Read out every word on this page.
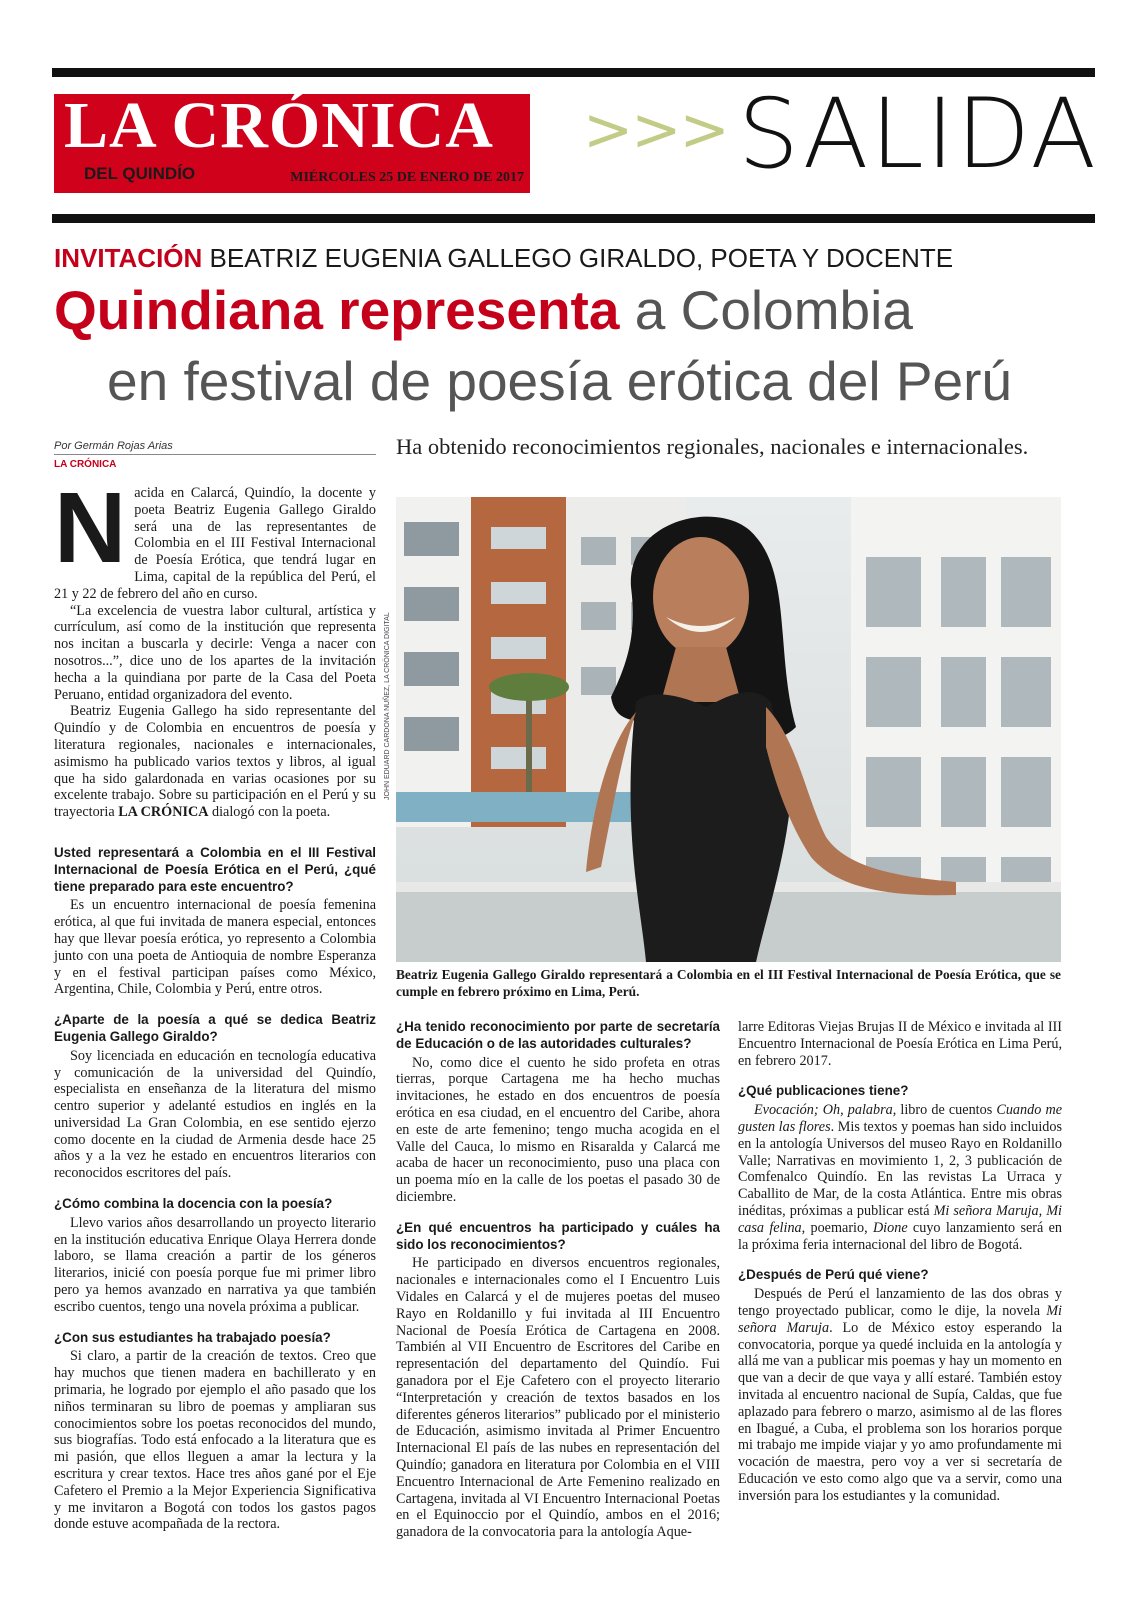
LA CRÓNICA
DEL QUINDÍO	MIÉRCOLES 25 DE ENERO DE 2017
>>> SALIDA
INVITACIÓN BEATRIZ EUGENIA GALLEGO GIRALDO, POETA Y DOCENTE
Quindiana representa a Colombia
en festival de poesía erótica del Perú
Por Germán Rojas Arias
LA CRÓNICA
Ha obtenido reconocimientos regionales, nacionales e internacionales.
JOHN EDUARD CARDONA NUÑEZ, LA CRÓNICA DIGITAL
Beatriz Eugenia Gallego Giraldo representará a Colombia en el III Festival Internacional de Poesía Erótica, que se cumple en febrero próximo en Lima, Perú.
N acida en Calarcá, Quindío, la docente y poeta Beatriz Eugenia Gallego Giraldo será una de las representantes de Colombia en el III Festival Internacional de Poesía Erótica, que tendrá lugar en Lima, capital de la república del Perú, el 21 y 22 de febrero del año en curso.

“La excelencia de vuestra labor cultural, artística y currículum, así como de la institución que representa nos incitan a buscarla y decirle: Venga a nacer con nosotros...”, dice uno de los apartes de la invitación hecha a la quindiana por parte de la Casa del Poeta Peruano, entidad organizadora del evento.

Beatriz Eugenia Gallego ha sido representante del Quindío y de Colombia en encuentros de poesía y literatura regionales, nacionales e internacionales, asimismo ha publicado varios textos y libros, al igual que ha sido galardonada en varias ocasiones por su excelente trabajo. Sobre su participación en el Perú y su trayectoria LA CRÓNICA dialogó con la poeta.

Usted representará a Colombia en el III Festival Internacional de Poesía Erótica en el Perú, ¿qué tiene preparado para este encuentro?

Es un encuentro internacional de poesía femenina erótica, al que fui invitada de manera especial, entonces hay que llevar poesía erótica, yo represento a Colombia junto con una poeta de Antioquia de nombre Esperanza y en el festival participan países como México, Argentina, Chile, Colombia y Perú, entre otros.

¿Aparte de la poesía a qué se dedica Beatriz Eugenia Gallego Giraldo?

Soy licenciada en educación en tecnología educativa y comunicación de la universidad del Quindío, especialista en enseñanza de la literatura del mismo centro superior y adelanté estudios en inglés en la universidad La Gran Colombia, en ese sentido ejerzo como docente en la ciudad de Armenia desde hace 25 años y a la vez he estado en encuentros literarios con reconocidos escritores del país.

¿Cómo combina la docencia con la poesía?

Llevo varios años desarrollando un proyecto literario en la institución educativa Enrique Olaya Herrera donde laboro, se llama creación a partir de los géneros literarios, inicié con poesía porque fue mi primer libro pero ya hemos avanzado en narrativa ya que también escribo cuentos, tengo una novela próxima a publicar.

¿Con sus estudiantes ha trabajado poesía?

Si claro, a partir de la creación de textos. Creo que hay muchos que tienen madera en bachillerato y en primaria, he logrado por ejemplo el año pasado que los niños terminaran su libro de poemas y ampliaran sus conocimientos sobre los poetas reconocidos del mundo, sus biografías. Todo está enfocado a la literatura que es mi pasión, que ellos lleguen a amar la lectura y la escritura y crear textos. Hace tres años gané por el Eje Cafetero el Premio a la Mejor Experiencia Significativa y me invitaron a Bogotá con todos los gastos pagos donde estuve acompañada de la rectora.

¿Ha tenido reconocimiento por parte de secretaría de Educación o de las autoridades culturales?

No, como dice el cuento he sido profeta en otras tierras, porque Cartagena me ha hecho muchas invitaciones, he estado en dos encuentros de poesía erótica en esa ciudad, en el encuentro del Caribe, ahora en este de arte femenino; tengo mucha acogida en el Valle del Cauca, lo mismo en Risaralda y Calarcá me acaba de hacer un reconocimiento, puso una placa con un poema mío en la calle de los poetas el pasado 30 de diciembre.

¿En qué encuentros ha participado y cuáles ha sido los reconocimientos?

He participado en diversos encuentros regionales, nacionales e internacionales como el I Encuentro Luis Vidales en Calarcá y el de mujeres poetas del museo Rayo en Roldanillo y fui invitada al III Encuentro Nacional de Poesía Erótica de Cartagena en 2008. También al VII Encuentro de Escritores del Caribe en representación del departamento del Quindío. Fui ganadora por el Eje Cafetero con el proyecto literario “Interpretación y creación de textos basados en los diferentes géneros literarios” publicado por el ministerio de Educación, asimismo invitada al Primer Encuentro Internacional El país de las nubes en representación del Quindío; ganadora en literatura por Colombia en el VIII Encuentro Internacional de Arte Femenino realizado en Cartagena, invitada al VI Encuentro Internacional Poetas en el Equinoccio por el Quindío, ambos en el 2016; ganadora de la convocatoria para la antología Aque-

larre Editoras Viejas Brujas II de México e invitada al III Encuentro Internacional de Poesía Erótica en Lima Perú, en febrero 2017.

¿Qué publicaciones tiene?

Evocación; Oh, palabra, libro de cuentos Cuando me gusten las flores. Mis textos y poemas han sido incluidos en la antología Universos del museo Rayo en Roldanillo Valle; Narrativas en movimiento 1, 2, 3 publicación de Comfenalco Quindío. En las revistas La Urraca y Caballito de Mar, de la costa Atlántica. Entre mis obras inéditas, próximas a publicar está Mi señora Maruja, Mi casa felina, poemario, Dione cuyo lanzamiento será en la próxima feria internacional del libro de Bogotá.

¿Después de Perú qué viene?

Después de Perú el lanzamiento de las dos obras y tengo proyectado publicar, como le dije, la novela Mi señora Maruja. Lo de México estoy esperando la convocatoria, porque ya quedé incluida en la antología y allá me van a publicar mis poemas y hay un momento en que van a decir de que vaya y allí estaré. También estoy invitada al encuentro nacional de Supía, Caldas, que fue aplazado para febrero o marzo, asimismo al de las flores en Ibagué, a Cuba, el problema son los horarios porque mi trabajo me impide viajar y yo amo profundamente mi vocación de maestra, pero voy a ver si secretaría de Educación ve esto como algo que va a servir, como una inversión para los estudiantes y la comunidad.
